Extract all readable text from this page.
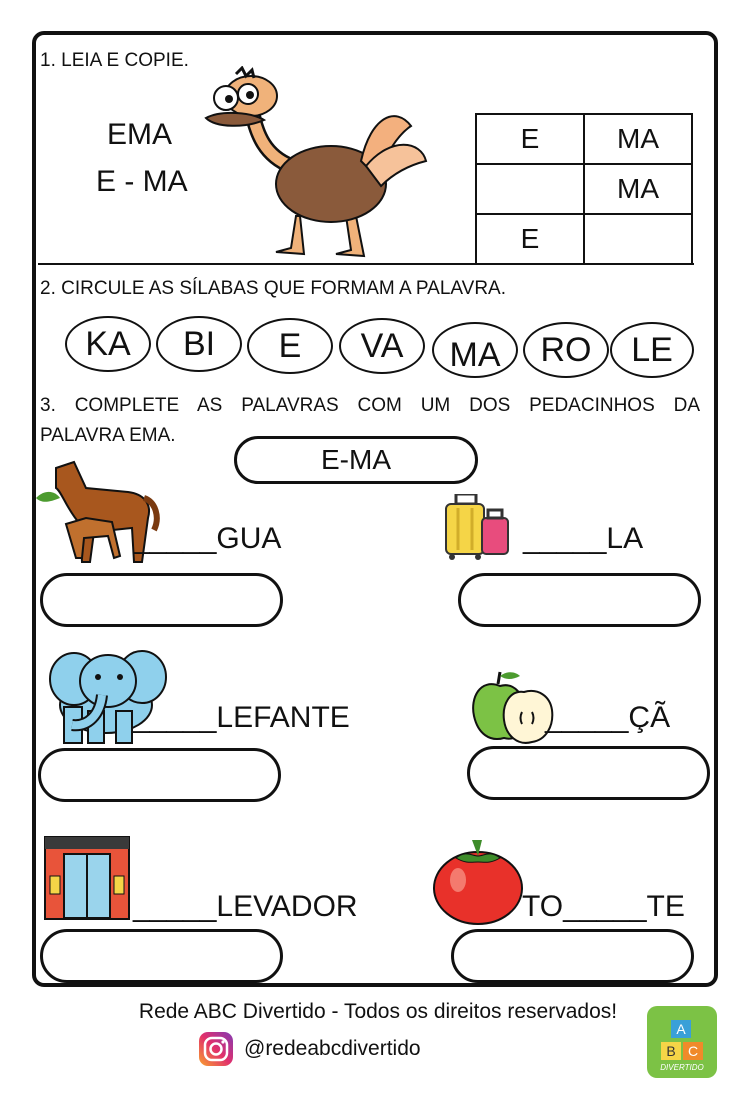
1. LEIA E COPIE.
EMA
E - MA
E	MA
	MA
E	
2. CIRCULE AS SÍLABAS QUE FORMAM A PALAVRA.
KA	BI	E	VA	MA	RO	LE
3. COMPLETE AS PALAVRAS COM UM DOS PEDACINHOS DA
PALAVRA EMA.
E-MA
_____GUA	_____LA
_____LEFANTE	_____ÇÃ
_____LEVADOR	TO_____TE
Rede ABC Divertido - Todos os direitos reservados!
@redeabcdivertido
A
B C
DIVERTIDO
